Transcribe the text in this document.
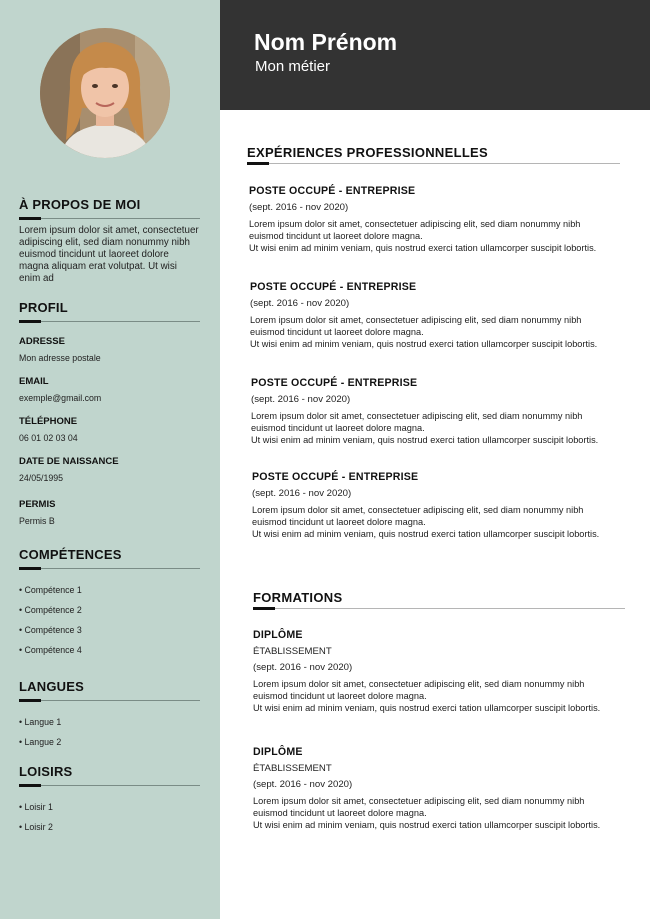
À PROPOS DE MOI
Lorem ipsum dolor sit amet, consectetuer adipiscing elit, sed diam nonummy nibh euismod tincidunt ut laoreet dolore magna aliquam erat volutpat. Ut wisi enim ad
PROFIL
ADRESSE
Mon adresse postale
EMAIL
exemple@gmail.com
TÉLÉPHONE
06 01 02 03 04
DATE DE NAISSANCE
24/05/1995
PERMIS
Permis B
COMPÉTENCES
• Compétence 1
• Compétence 2
• Compétence 3
• Compétence 4
LANGUES
• Langue 1
• Langue 2
LOISIRS
• Loisir 1
• Loisir 2
Nom Prénom
Mon métier
EXPÉRIENCES PROFESSIONNELLES
POSTE OCCUPÉ - ENTREPRISE
(sept. 2016 - nov 2020)
Lorem ipsum dolor sit amet, consectetuer adipiscing elit, sed diam nonummy nibh euismod tincidunt ut laoreet dolore magna.
Ut wisi enim ad minim veniam, quis nostrud exerci tation ullamcorper suscipit lobortis.
POSTE OCCUPÉ - ENTREPRISE
(sept. 2016 - nov 2020)
Lorem ipsum dolor sit amet, consectetuer adipiscing elit, sed diam nonummy nibh euismod tincidunt ut laoreet dolore magna.
Ut wisi enim ad minim veniam, quis nostrud exerci tation ullamcorper suscipit lobortis.
POSTE OCCUPÉ - ENTREPRISE
(sept. 2016 - nov 2020)
Lorem ipsum dolor sit amet, consectetuer adipiscing elit, sed diam nonummy nibh euismod tincidunt ut laoreet dolore magna.
Ut wisi enim ad minim veniam, quis nostrud exerci tation ullamcorper suscipit lobortis.
POSTE OCCUPÉ - ENTREPRISE
(sept. 2016 - nov 2020)
Lorem ipsum dolor sit amet, consectetuer adipiscing elit, sed diam nonummy nibh euismod tincidunt ut laoreet dolore magna.
Ut wisi enim ad minim veniam, quis nostrud exerci tation ullamcorper suscipit lobortis.
FORMATIONS
DIPLÔME
ÉTABLISSEMENT
(sept. 2016 - nov 2020)
Lorem ipsum dolor sit amet, consectetuer adipiscing elit, sed diam nonummy nibh euismod tincidunt ut laoreet dolore magna.
Ut wisi enim ad minim veniam, quis nostrud exerci tation ullamcorper suscipit lobortis.
DIPLÔME
ÉTABLISSEMENT
(sept. 2016 - nov 2020)
Lorem ipsum dolor sit amet, consectetuer adipiscing elit, sed diam nonummy nibh euismod tincidunt ut laoreet dolore magna.
Ut wisi enim ad minim veniam, quis nostrud exerci tation ullamcorper suscipit lobortis.
